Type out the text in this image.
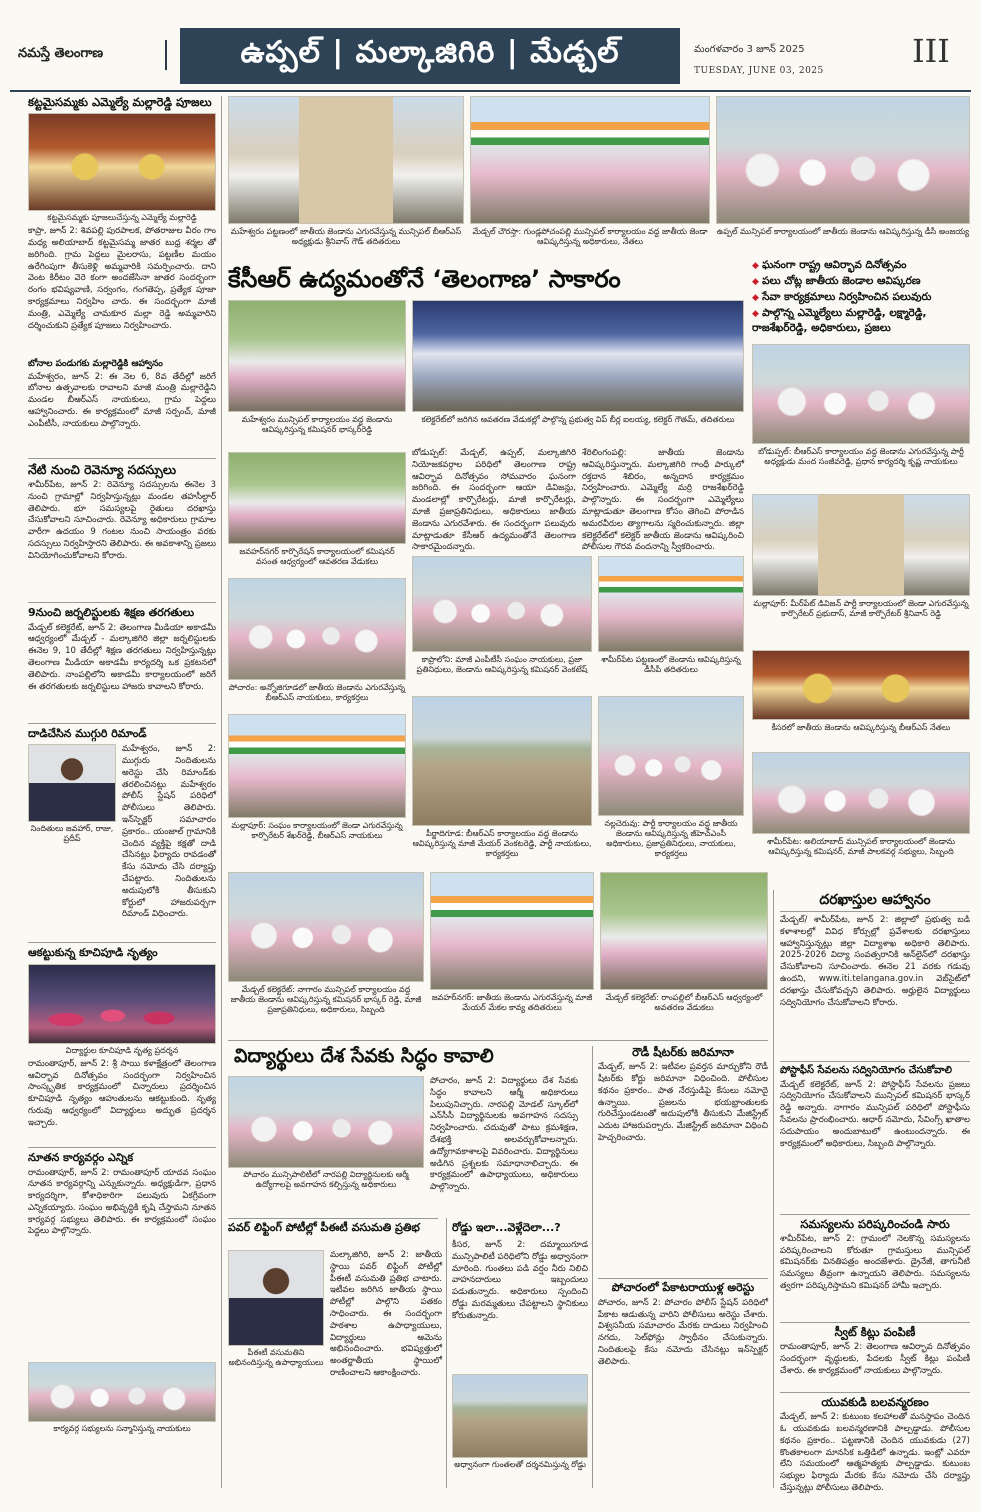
నమస్తే తెలంగాణ	ఉప్పల్ | మల్కాజిగిరి | మేడ్చల్	మంగళవారం 3 జూన్ 2025
TUESDAY, JUNE 03, 2025
III
కట్టమైసమ్మకు ఎమ్మెల్యే మల్లారెడ్డి పూజలు
కట్టమైసమ్మకు పూజలుచేస్తున్న ఎమ్మెల్యే మల్లారెడ్డి
కాప్రా, జూన్ 2: శివపల్లి పురపాలక, పోతరాజుల వీరం గాం మధ్య అలియాబాద్ కట్టమైసమ్మ జాతర బుధ్ర శర్మల తో జరిగింది. గ్రామ పెద్దలు మైలరాసు, పట్టణీల మయం ఉరేగింపుగా తీసుకెళ్లి అమ్మవారికి సమర్పించారు. దాని వెంట కిరీటం వెరె కంగా అందజేసినా జాతర సందర్భంగా రంగం భవిష్యవాణి, సర్వంగం, గంగతెప్ప, ప్రత్యేక పూజా కార్యక్రమాలు నిర్వహిం చారు. ఈ సందర్భంగా మాజీ మంత్రి, ఎమ్మెల్యే చామకూర మల్లా రెడ్డి అమ్మవారిని దర్శించుకుని ప్రత్యేక పూజలు నిర్వహించారు.
బోనాల పండుగకు మల్లారెడ్డికి ఆహ్వానం
మహేశ్వరం, జూన్ 2: ఈ నెల 6, 8వ తేదీల్లో జరిగే బోనాల ఉత్సవాలకు రావాలని మాజీ మంత్రి మల్లారెడ్డిని మండల బీఆర్ఎస్ నాయకులు, గ్రామ పెద్దలు ఆహ్వానించారు. ఈ కార్యక్రమంలో మాజీ సర్పంచ్, మాజీ ఎంపీటీసీ, నాయకులు పాల్గొన్నారు.
నేటి నుంచి రెవెన్యూ సదస్సులు
శామీర్‌పేట, జూన్ 2: రెవెన్యూ సదస్సులను ఈనెల 3 నుంచి గ్రామాల్లో నిర్వహిస్తున్నట్లు మండల తహసీల్దార్ తెలిపారు. భూ సమస్యలపై రైతులు దరఖాస్తు చేసుకోవాలని సూచించారు. రెవెన్యూ అధికారులు గ్రామాల వారీగా ఉదయం 9 గంటల నుంచి సాయంత్రం వరకు సదస్సులు నిర్వహిస్తారని తెలిపారు. ఈ అవకాశాన్ని ప్రజలు వినియోగించుకోవాలని కోరారు.
9నుంచి జర్నలిస్టులకు శిక్షణ తరగతులు
మేడ్చల్ కలెక్టరేట్, జూన్ 2: తెలంగాణ మీడియా అకాడమీ ఆధ్వర్యంలో మేడ్చల్ - మల్కాజిగిరి జిల్లా జర్నలిస్టులకు ఈనెల 9, 10 తేదీల్లో శిక్షణ తరగతులు నిర్వహిస్తున్నట్లు తెలంగాణ మీడియా అకాడమీ కార్యదర్శి ఒక ప్రకటనలో తెలిపారు. నాంపల్లిలోని అకాడమీ కార్యాలయంలో జరిగే ఈ తరగతులకు జర్నలిస్టులు హాజరు కావాలని కోరారు.
దాడిచేసిన ముగ్గురి రిమాండ్
నిందితులు జవహార్, రాజు, ప్రదీప్
మహేశ్వరం, జూన్ 2: ముగ్గురు నిందితులను అరెస్టు చేసి రిమాండ్‌కు తరలించినట్లు మహేశ్వరం పోలీస్ స్టేషన్ పరిధిలో పోలీసులు తెలిపారు. ఇన్‌స్పెక్టర్ సమాచారం ప్రకారం.. యంజాల్ గ్రామానికి చెందిన వ్యక్తిపై కక్షతో దాడి చేసినట్లు ఫిర్యాదు రావడంతో కేసు నమోదు చేసి దర్యాప్తు చేపట్టారు. నిందితులను అదుపులోకి తీసుకుని కోర్టులో హాజరుపర్చగా రిమాండ్ విధించారు.
ఆకట్టుకున్న కూచిపూడి నృత్యం
విద్యార్థుల కూచిపూడి నృత్య ప్రదర్శన
రామంతాపూర్, జూన్ 2: శ్రీ సాయి కళాక్షేత్రంలో తెలంగాణ ఆవిర్భావ దినోత్సవం సందర్భంగా నిర్వహించిన సాంస్కృతిక కార్యక్రమంలో చిన్నారులు ప్రదర్శించిన కూచిపూడి నృత్యం ఆహుతులను ఆకట్టుకుంది. నృత్య గురువు ఆధ్వర్యంలో విద్యార్థులు అద్భుత ప్రదర్శన ఇచ్చారు.
నూతన కార్యవర్గం ఎన్నిక
రామంతాపూర్, జూన్ 2: రామంతాపూర్ యాదవ సంఘం నూతన కార్యవర్గాన్ని ఎన్నుకున్నారు. అధ్యక్షుడిగా, ప్రధాన కార్యదర్శిగా, కోశాధికారిగా పలువురు ఏకగ్రీవంగా ఎన్నికయ్యారు. సంఘం అభివృద్ధికి కృషి చేస్తామని నూతన కార్యవర్గ సభ్యులు తెలిపారు. ఈ కార్యక్రమంలో సంఘం పెద్దలు పాల్గొన్నారు.
కార్యవర్గ సభ్యులను సన్మానిస్తున్న నాయకులు
మహేశ్వరం పట్టణంలో జాతీయ జెండాను ఎగురవేస్తున్న మున్సిపల్ బీఆర్ఎస్ అధ్యక్షుడు శ్రీనివాస్ గౌడ్ తదితరులు
మేడ్చల్ చౌరస్తా: గుండ్లపోచంపల్లి మున్సిపల్ కార్యాలయం వద్ద జాతీయ జెండా ఆవిష్కరిస్తున్న అధికారులు, నేతలు
ఉప్పల్ మున్సిపల్ కార్యాలయంలో జాతీయ జెండాను ఆవిష్కరిస్తున్న డీసీ అంజయ్య
కేసీఆర్ ఉద్యమంతోనే ‘తెలంగాణ’ సాకారం
◆	ఘనంగా రాష్ట్ర ఆవిర్భావ దినోత్సవం
◆ పలు చోట్ల జాతీయ జెండాల ఆవిష్కరణ
◆ సేవా కార్యక్రమాలు నిర్వహించిన పలువురు
◆ పాల్గొన్న ఎమ్మెల్యేలు మల్లారెడ్డి, లక్ష్మారెడ్డి, రాజశేఖర్‌రెడ్డి, అధికారులు, ప్రజలు
మహేశ్వరం మున్సిపల్ కార్యాలయం వద్ద జెండాను ఆవిష్కరిస్తున్న కమిషనర్ భాస్కర్‌రెడ్డి
కలెక్టరేట్‌లో జరిగిన ఆవతరణ వేడుకల్లో పాల్గొన్న ప్రభుత్వ విప్ బీర్ల ఐలయ్య, కలెక్టర్ గౌతమ్, తదితరులు
బోడుప్పల్: బీఆర్ఎస్ కార్యాలయం వద్ద జెండాను ఎగురవేస్తున్న పార్టీ అధ్యక్షుడు మంద సంజీవరెడ్డి, ప్రధాన కార్యదర్శి కృష్ణ నాయకులు
బోడుప్పల్: మేడ్చల్, ఉప్పల్, మల్కాజిగిరి నియోజకవర్గాల పరిధిలో తెలంగాణ రాష్ట్ర ఆవిర్భావ దినోత్సవం సోమవారం ఘనంగా జరిగింది. ఈ సందర్భంగా ఆయా డివిజన్లు, మండలాల్లో కార్పొరేటర్లు, మాజీ కార్పొరేటర్లు, మాజీ ప్రజాప్రతినిధులు, అధికారులు జాతీయ జెండాను ఎగురవేశారు. ఈ సందర్భంగా పలువురు మాట్లాడుతూ కేసీఆర్ ఉద్యమంతోనే తెలంగాణ సాకారమైందన్నారు.
శేరిలింగంపల్లి: జాతీయ జెండాను ఆవిష్కరిస్తున్నారు. మల్కాజిగిరి గాంధీ పార్కులో రక్తదాన శిబిరం, అన్నదాన కార్యక్రమం నిర్వహించారు. ఎమ్మెల్యే మర్రి రాజశేఖర్‌రెడ్డి పాల్గొన్నారు. ఈ సందర్భంగా ఎమ్మెల్యేలు మాట్లాడుతూ తెలంగాణ కోసం తెగించి పోరాడిన అమరవీరుల త్యాగాలను స్మరించుకున్నారు. జిల్లా కలెక్టరేట్‌లో కలెక్టర్ జాతీయ జెండాను ఆవిష్కరించి పోలీసుల గౌరవ వందనాన్ని స్వీకరించారు.
జవహర్‌నగర్ కార్పొరేషన్ కార్యాలయంలో కమిషనర్ వసంత ఆధ్వర్యంలో ఆవతరణ వేడుకలు
కాప్రాలోని: మాజీ ఎంపీటీసీ సంఘం నాయకులు, ప్రజా ప్రతినిధులు, జెండాను ఆవిష్కరిస్తున్న కమిషనర్ వెంకటేష్
శామీర్‌పేట పట్టణంలో జెండాను ఆవిష్కరిస్తున్న డీసీపీ తదితరులు
మల్లాపూర్: మీర్‌పేట్ డివిజన్ పార్టీ కార్యాలయంలో జెండా ఎగురవేస్తున్న కార్పొరేటర్ ప్రభుదాస్, మాజీ కార్పొరేటర్ శ్రీనివాస్ రెడ్డి
పోచారం: అన్నోజిగూడలో జాతీయ జెండాను ఎగురవేస్తున్న బీఆర్ఎస్ నాయకులు, కార్యకర్తలు
కీసరలో జాతీయ జెండాను ఆవిష్కరిస్తున్న బీఆర్ఎస్ నేతలు
మల్లాపూర్: సంఘం కార్యాలయంలో జెండా ఎగురవేస్తున్న కార్పొరేటర్ శేఖర్‌రెడ్డి, బీఆర్ఎస్ నాయకులు	పీర్జాదిగూడ: బీఆర్ఎస్ కార్యాలయం వద్ద జెండాను ఆవిష్కరిస్తున్న మాజీ మేయర్ వెంకటరెడ్డి, పార్టీ నాయకులు, కార్యకర్తలు
నల్లచెరువు: పార్టీ కార్యాలయం వద్ద జాతీయ జెండాను ఆవిష్కరిస్తున్న జీహెచ్ఎంసీ అధికారులు, ప్రజాప్రతినిధులు, నాయకులు, కార్యకర్తలు
శామీర్‌పేట: అలియాబాద్ మున్సిపల్ కార్యాలయంలో జెండాను ఆవిష్కరిస్తున్న కమిషనర్, మాజీ పాలకవర్గ సభ్యులు, సిబ్బంది
మేడ్చల్ కలెక్టరేట్: నాగారం మున్సిపల్ కార్యాలయం వద్ద జాతీయ జెండాను ఆవిష్కరిస్తున్న కమిషనర్ భాస్కర్ రెడ్డి, మాజీ ప్రజాప్రతినిధులు, అధికారులు, సిబ్బంది
జవహర్‌నగర్: జాతీయ జెండాను ఎగురవేస్తున్న మాజీ మేయర్ మేకల కావ్య తదితరులు
మేడ్చల్ కలెక్టరేట్: రాంపల్లిలో బీఆర్ఎస్ ఆధ్వర్యంలో అవతరణ వేడుకలు
దరఖాస్తుల ఆహ్వానం
మేడ్చల్/ శామీర్‌పేట, జూన్ 2: జిల్లాలో ప్రభుత్వ బడి కళాశాలల్లో వివిధ కోర్సుల్లో ప్రవేశాలకు దరఖాస్తులు ఆహ్వానిస్తున్నట్లు జిల్లా విద్యాశాఖ అధికారి తెలిపారు. 2025-2026 విద్యా సంవత్సరానికి ఆన్‌లైన్‌లో దరఖాస్తు చేసుకోవాలని సూచించారు. ఈనెల 21 వరకు గడువు ఉందని, www.iti.telangana.gov.in వెబ్‌సైట్‌లో దరఖాస్తు చేసుకోవచ్చని తెలిపారు. అర్హులైన విద్యార్థులు సద్వినియోగం చేసుకోవాలని కోరారు.
పోస్టాఫీస్ సేవలను సద్వినియోగం చేసుకోవాలి
మేడ్చల్ కలెక్టరేట్, జూన్ 2: పోస్టాఫీస్ సేవలను ప్రజలు సద్వినియోగం చేసుకోవాలని మున్సిపల్ కమిషనర్ భాస్కర్ రెడ్డి అన్నారు. నాగారం మున్సిపల్ పరిధిలో పోస్టాఫీసు సేవలను ప్రారంభించారు. ఆధార్ నమోదు, సేవింగ్స్ ఖాతాల సదుపాయం అందుబాటులో ఉంటుందన్నారు. ఈ కార్యక్రమంలో అధికారులు, సిబ్బంది పాల్గొన్నారు.
సమస్యలను పరిష్కరించండి సారు
శామీర్‌పేట, జూన్ 2: గ్రామంలో నెలకొన్న సమస్యలను పరిష్కరించాలని కోరుతూ గ్రామస్తులు మున్సిపల్ కమిషనర్‌కు వినతిపత్రం అందజేశారు. డ్రైనేజీ, తాగునీటి సమస్యలు తీవ్రంగా ఉన్నాయని తెలిపారు. సమస్యలను త్వరగా పరిష్కరిస్తామని కమిషనర్ హామీ ఇచ్చారు.
స్వీట్ కిట్లు పంపిణీ
రామంతాపూర్, జూన్ 2: తెలంగాణ ఆవిర్భావ దినోత్సవం సందర్భంగా వృద్ధులకు, పేదలకు స్వీట్ కిట్లు పంపిణీ చేశారు. ఈ కార్యక్రమంలో నాయకులు పాల్గొన్నారు.
యువకుడి బలవన్మరణం
మేడ్చల్, జూన్ 2: కుటుంబ కలహాలతో మనస్తాపం చెందిన ఓ యువకుడు బలవన్మరణానికి పాల్పడ్డాడు. పోలీసుల కథనం ప్రకారం.. పట్టణానికి చెందిన యువకుడు (27) కొంతకాలంగా మానసిక ఒత్తిడిలో ఉన్నాడు. ఇంట్లో ఎవరూ లేని సమయంలో ఆత్మహత్యకు పాల్పడ్డాడు. కుటుంబ సభ్యుల ఫిర్యాదు మేరకు కేసు నమోదు చేసి దర్యాప్తు చేస్తున్నట్లు పోలీసులు తెలిపారు.
విద్యార్థులు దేశ సేవకు సిద్ధం కావాలి
పోచారం మున్సిపాలిటీలో నారపల్లి విద్యార్థినులకు ఆర్మీ ఉద్యోగాలపై అవగాహన కల్పిస్తున్న అధికారులు
పోచారం, జూన్ 2: విద్యార్థులు దేశ సేవకు సిద్ధం కావాలని ఆర్మీ అధికారులు పిలుపునిచ్చారు. నారపల్లి మోడల్ స్కూల్‌లో ఎన్‌సీసీ విద్యార్థినులకు అవగాహన సదస్సు నిర్వహించారు. చదువుతో పాటు క్రమశిక్షణ, దేశభక్తి అలవర్చుకోవాలన్నారు. ఉద్యోగావకాశాలపై వివరించారు. విద్యార్థినులు అడిగిన ప్రశ్నలకు సమాధానాలిచ్చారు. ఈ కార్యక్రమంలో ఉపాధ్యాయులు, అధికారులు పాల్గొన్నారు.
పవర్ లిఫ్టింగ్ పోటీల్లో పీఈటీ వసుమతి ప్రతిభ
పీఈటీ వసుమతిని అభినందిస్తున్న ఉపాధ్యాయులు
మల్కాజిగిరి, జూన్ 2: జాతీయ స్థాయి పవర్ లిఫ్టింగ్ పోటీల్లో పీఈటీ వసుమతి ప్రతిభ చాటారు. ఇటీవల జరిగిన జాతీయ స్థాయి పోటీల్లో పాల్గొని పతకం సాధించారు. ఈ సందర్భంగా పాఠశాల ఉపాధ్యాయులు, విద్యార్థులు ఆమెను అభినందించారు. భవిష్యత్తులో అంతర్జాతీయ స్థాయిలో రాణించాలని ఆకాంక్షించారు.
రోడ్డు ఇలా...వెళ్లేదెలా...?
కీసర, జూన్ 2: దమ్మాయిగూడ మున్సిపాలిటీ పరిధిలోని రోడ్డు అధ్వానంగా మారింది. గుంతలు పడి వర్షం నీరు నిలిచి వాహనదారులు ఇబ్బందులు పడుతున్నారు. అధికారులు స్పందించి రోడ్డు మరమ్మతులు చేపట్టాలని స్థానికులు కోరుతున్నారు.
అధ్వానంగా గుంతలతో దర్శనమిస్తున్న రోడ్డు
రౌడీ షీటర్‌కు జరిమానా
మేడ్చల్, జూన్ 2: ఇటీవల ప్రవర్తన మార్చుకోని రౌడీ షీటర్‌కు కోర్టు జరిమానా విధించింది. పోలీసుల కథనం ప్రకారం.. పాత నేరస్తుడిపై కేసులు నమోదై ఉన్నాయి. ప్రజలను భయభ్రాంతులకు గురిచేస్తుండటంతో అదుపులోకి తీసుకుని మేజిస్ట్రేట్ ఎదుట హాజరుపర్చారు. మేజిస్ట్రేట్ జరిమానా విధించి హెచ్చరించారు.
పోచారంలో పేకాటరాయుళ్ల అరెస్టు
పోచారం, జూన్ 2: పోచారం పోలీస్ స్టేషన్ పరిధిలో పేకాట ఆడుతున్న వారిని పోలీసులు అరెస్టు చేశారు. విశ్వసనీయ సమాచారం మేరకు దాడులు నిర్వహించి నగదు, సెల్‌ఫోన్లు స్వాధీనం చేసుకున్నారు. నిందితులపై కేసు నమోదు చేసినట్లు ఇన్‌స్పెక్టర్ తెలిపారు.
